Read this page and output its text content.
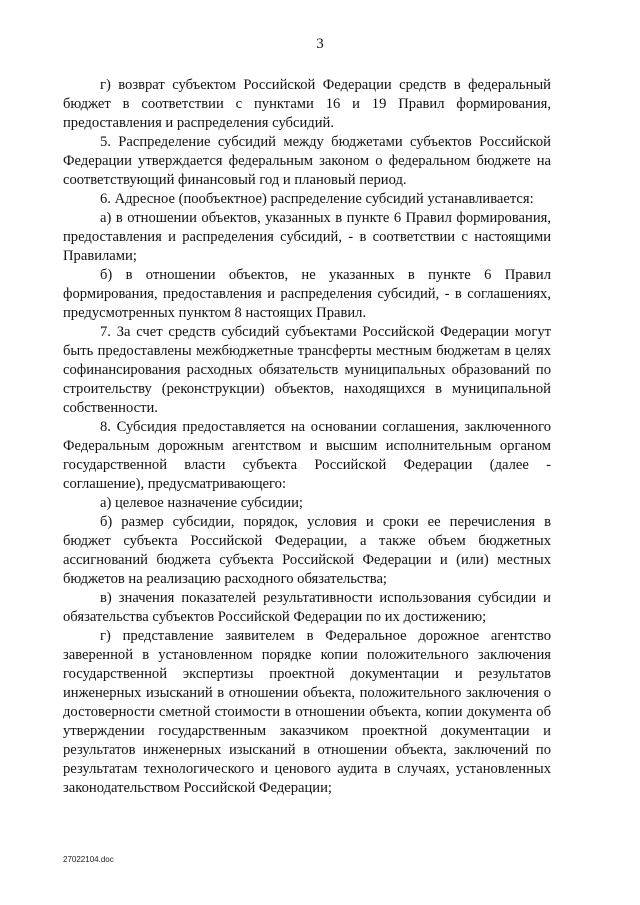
3

г) возврат субъектом Российской Федерации средств в федеральный бюджет в соответствии с пунктами 16 и 19 Правил формирования, предоставления и распределения субсидий.

5. Распределение субсидий между бюджетами субъектов Российской Федерации утверждается федеральным законом о федеральном бюджете на соответствующий финансовый год и плановый период.

6. Адресное (пообъектное) распределение субсидий устанавливается:

а) в отношении объектов, указанных в пункте 6 Правил формирования, предоставления и распределения субсидий, - в соответствии с настоящими Правилами;

б) в отношении объектов, не указанных в пункте 6 Правил формирования, предоставления и распределения субсидий, - в соглашениях, предусмотренных пунктом 8 настоящих Правил.

7. За счет средств субсидий субъектами Российской Федерации могут быть предоставлены межбюджетные трансферты местным бюджетам в целях софинансирования расходных обязательств муниципальных образований по строительству (реконструкции) объектов, находящихся в муниципальной собственности.

8. Субсидия предоставляется на основании соглашения, заключенного Федеральным дорожным агентством и высшим исполнительным органом государственной власти субъекта Российской Федерации (далее - соглашение), предусматривающего:

а) целевое назначение субсидии;

б) размер субсидии, порядок, условия и сроки ее перечисления в бюджет субъекта Российской Федерации, а также объем бюджетных ассигнований бюджета субъекта Российской Федерации и (или) местных бюджетов на реализацию расходного обязательства;

в) значения показателей результативности использования субсидии и обязательства субъектов Российской Федерации по их достижению;

г) представление заявителем в Федеральное дорожное агентство заверенной в установленном порядке копии положительного заключения государственной экспертизы проектной документации и результатов инженерных изысканий в отношении объекта, положительного заключения о достоверности сметной стоимости в отношении объекта, копии документа об утверждении государственным заказчиком проектной документации и результатов инженерных изысканий в отношении объекта, заключений по результатам технологического и ценового аудита в случаях, установленных законодательством Российской Федерации;

27022104.doc
